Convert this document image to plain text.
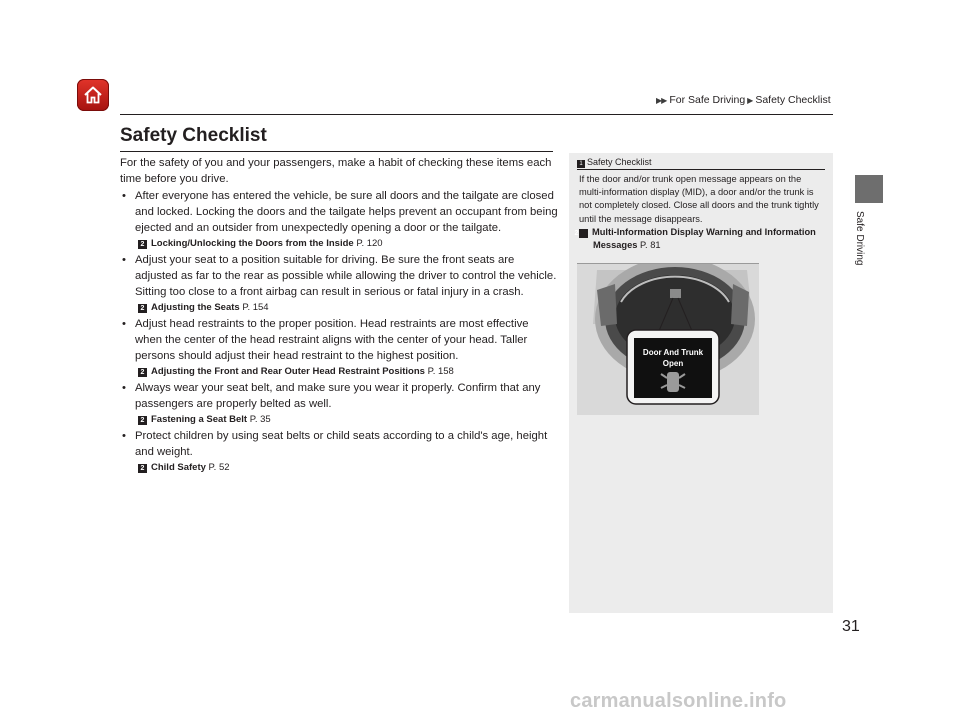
▶▶ For Safe Driving ▶ Safety Checklist
Safe Driving
Safety Checklist

For the safety of you and your passengers, make a habit of checking these items each time before you drive.

• After everyone has entered the vehicle, be sure all doors and the tailgate are closed and locked. Locking the doors and the tailgate helps prevent an occupant from being ejected and an outsider from unexpectedly opening a door or the tailgate.
2 Locking/Unlocking the Doors from the Inside P. 120
• Adjust your seat to a position suitable for driving. Be sure the front seats are adjusted as far to the rear as possible while allowing the driver to control the vehicle. Sitting too close to a front airbag can result in serious or fatal injury in a crash.
2 Adjusting the Seats P. 154
• Adjust head restraints to the proper position. Head restraints are most effective when the center of the head restraint aligns with the center of your head. Taller persons should adjust their head restraint to the highest position.
2 Adjusting the Front and Rear Outer Head Restraint Positions P. 158
• Always wear your seat belt, and make sure you wear it properly. Confirm that any passengers are properly belted as well.
2 Fastening a Seat Belt P. 35
• Protect children by using seat belts or child seats according to a child's age, height and weight.
2 Child Safety P. 52
1 Safety Checklist

If the door and/or trunk open message appears on the multi-information display (MID), a door and/or the trunk is not completely closed. Close all doors and the trunk tightly until the message disappears.

2 Multi-Information Display Warning and Information Messages P. 81

Door And Trunk
Open
31
carmanualsonline.info
